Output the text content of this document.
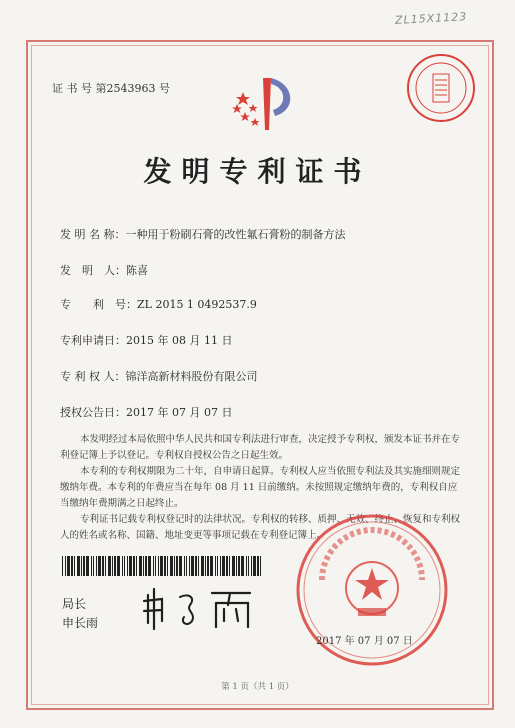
ZL15X1123
证 书 号 第2543963 号
发明专利证书
发 明 名 称：一种用于粉刷石膏的改性氟石膏粉的制备方法
发　明　人：陈喜
专　　利　号：ZL 2015 1 0492537.9
专利申请日：2015 年 08 月 11 日
专 利 权 人：锦洋高新材料股份有限公司
授权公告日：2017 年 07 月 07 日

本发明经过本局依照中华人民共和国专利法进行审查，决定授予专利权，颁发本证书并在专利登记簿上予以登记。专利权自授权公告之日起生效。

本专利的专利权期限为二十年，自申请日起算。专利权人应当依照专利法及其实施细则规定缴纳年费。本专利的年费应当在每年 08 月 11 日前缴纳。未按照规定缴纳年费的，专利权自应当缴纳年费期满之日起终止。

专利证书记载专利权登记时的法律状况。专利权的转移、质押、无效、终止、恢复和专利权人的姓名或名称、国籍、地址变更等事项记载在专利登记簿上。

局长
申长雨
2017 年 07 月 07 日
第 1 页（共 1 页）
